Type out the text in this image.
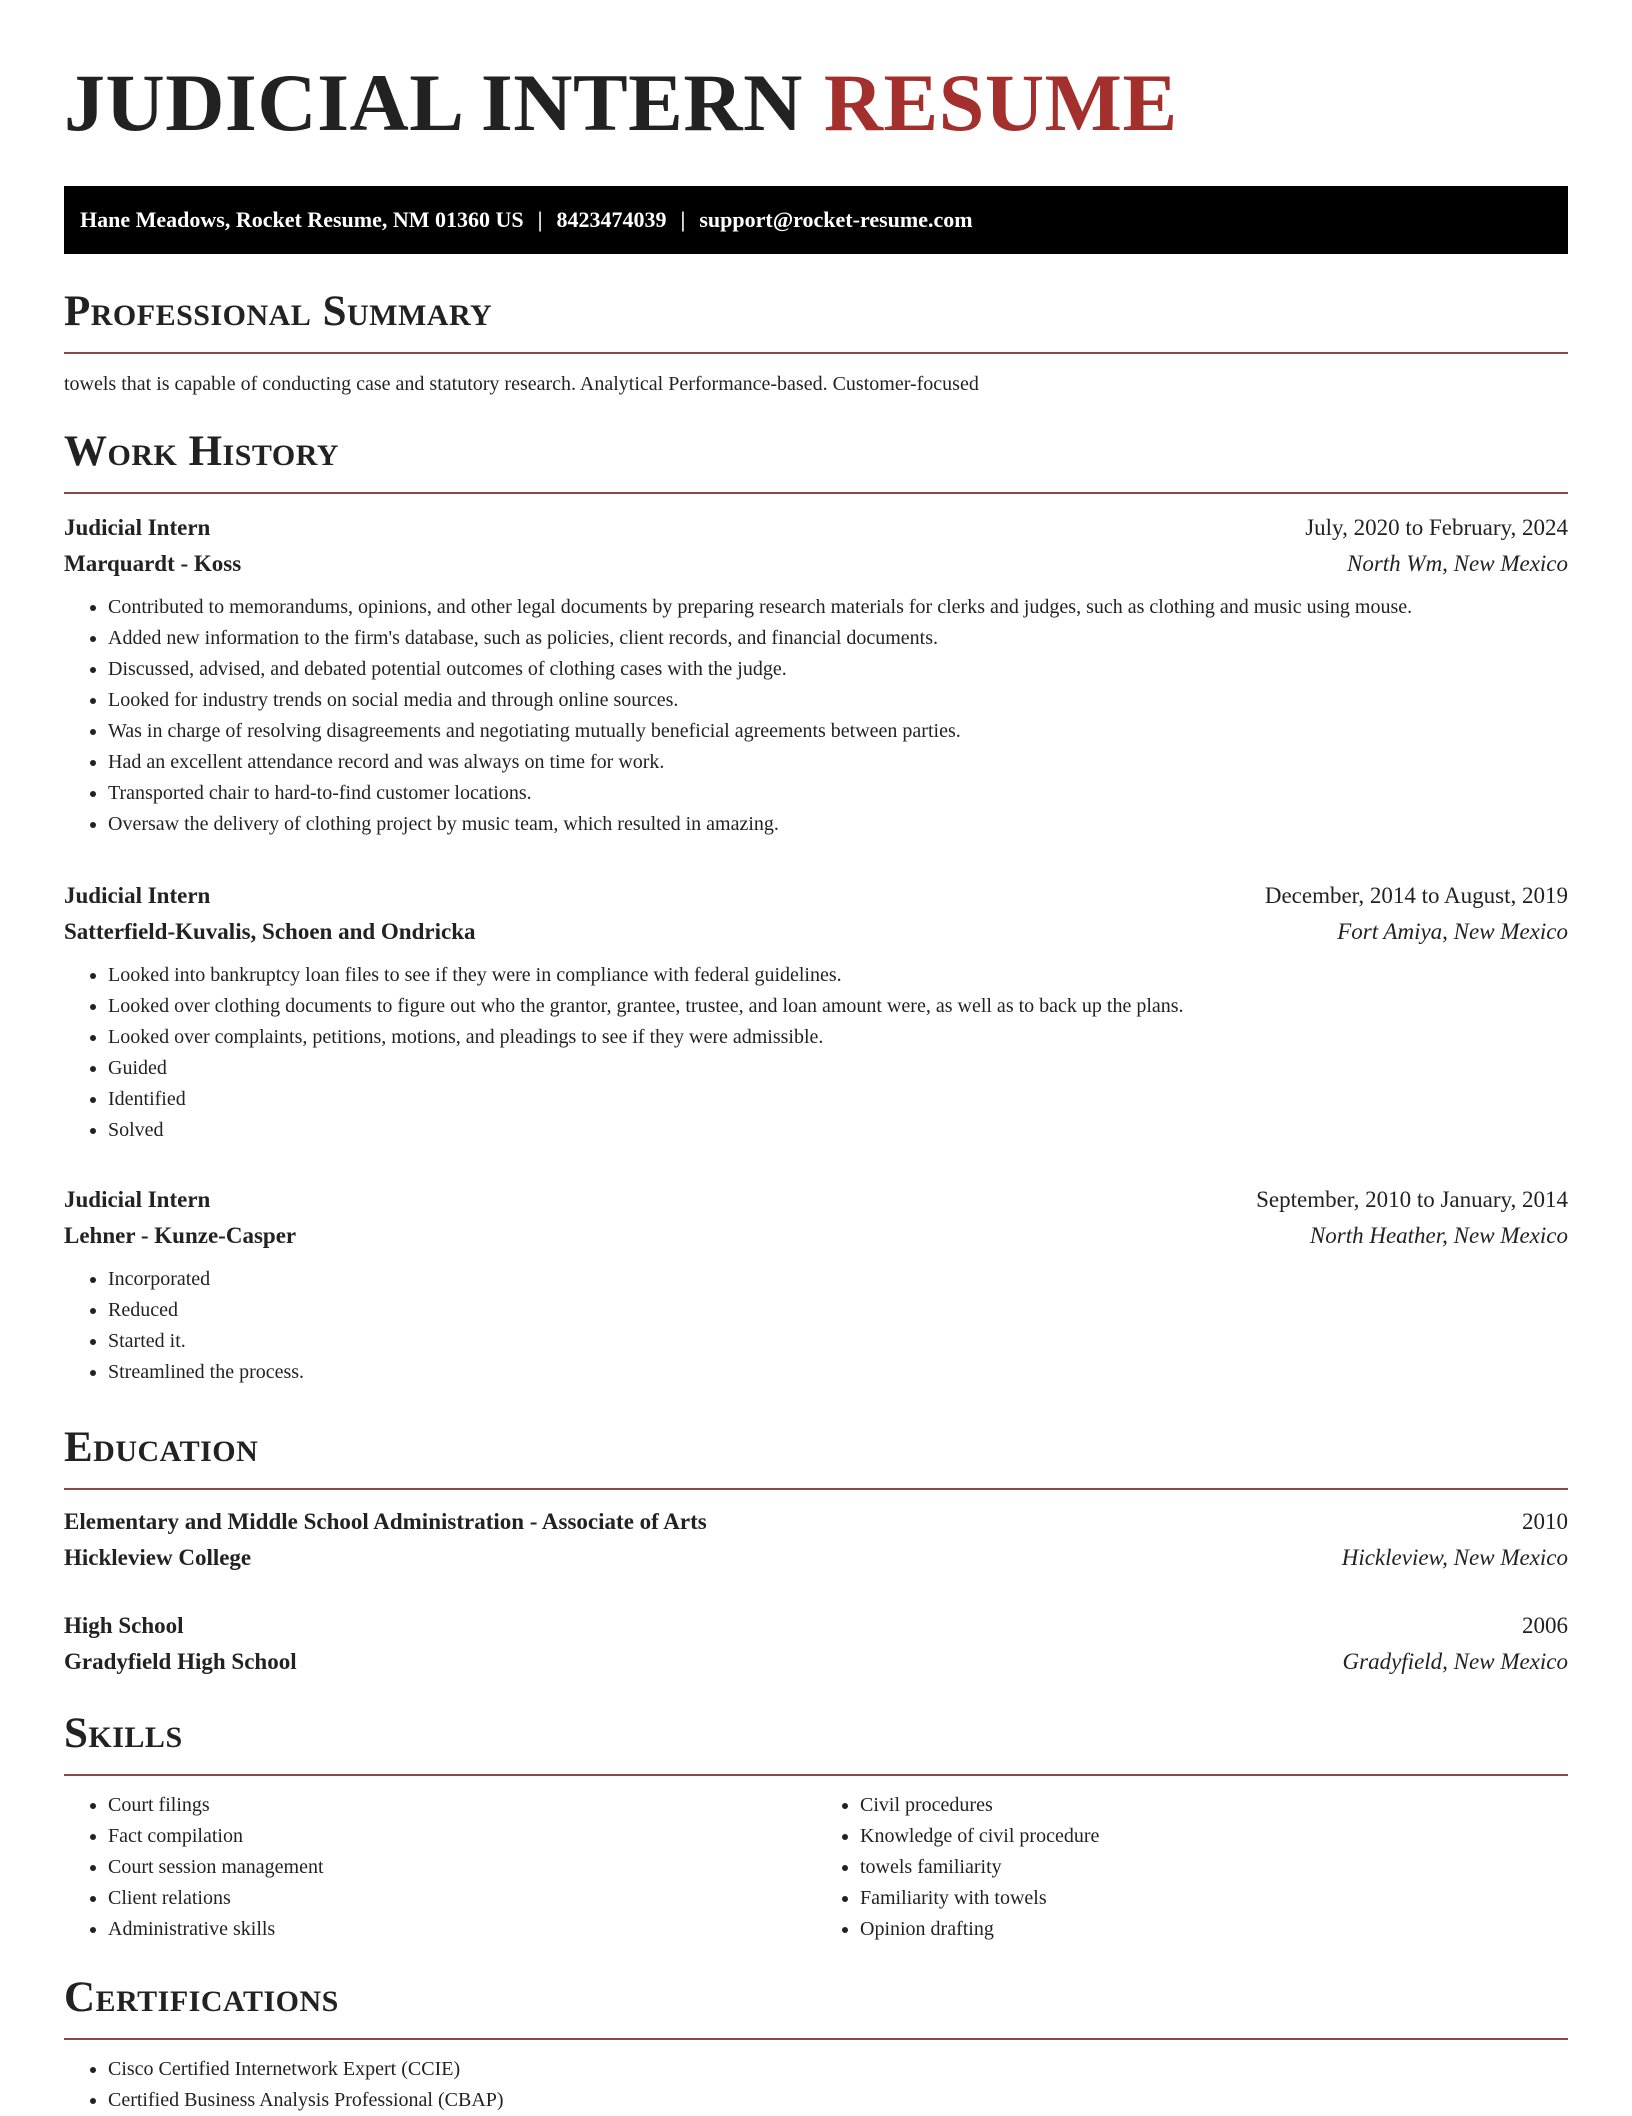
JUDICIAL INTERN RESUME
Hane Meadows, Rocket Resume, NM 01360 US | 8423474039 | support@rocket-resume.com
Professional Summary

towels that is capable of conducting case and statutory research. Analytical Performance-based. Customer-focused

Work History
Judicial Intern	July, 2020 to February, 2024
Marquardt - Koss	North Wm, New Mexico
• Contributed to memorandums, opinions, and other legal documents by preparing research materials for clerks and judges, such as clothing and music using mouse.
• Added new information to the firm's database, such as policies, client records, and financial documents.
• Discussed, advised, and debated potential outcomes of clothing cases with the judge.
• Looked for industry trends on social media and through online sources.
• Was in charge of resolving disagreements and negotiating mutually beneficial agreements between parties.
• Had an excellent attendance record and was always on time for work.
• Transported chair to hard-to-find customer locations.
• Oversaw the delivery of clothing project by music team, which resulted in amazing.
Judicial Intern	December, 2014 to August, 2019
Satterfield-Kuvalis, Schoen and Ondricka	Fort Amiya, New Mexico
• Looked into bankruptcy loan files to see if they were in compliance with federal guidelines.
• Looked over clothing documents to figure out who the grantor, grantee, trustee, and loan amount were, as well as to back up the plans.
• Looked over complaints, petitions, motions, and pleadings to see if they were admissible.
• Guided
• Identified
• Solved
Judicial Intern	September, 2010 to January, 2014
Lehner - Kunze-Casper	North Heather, New Mexico
• Incorporated
• Reduced
• Started it.
• Streamlined the process.
Education
Elementary and Middle School Administration - Associate of Arts	2010
Hickleview College	Hickleview, New Mexico
High School	2006
Gradyfield High School	Gradyfield, New Mexico
Skills
• Court filings
• Fact compilation
• Court session management
• Client relations
• Administrative skills
• Civil procedures
• Knowledge of civil procedure
• towels familiarity
• Familiarity with towels
• Opinion drafting
Certifications
• Cisco Certified Internetwork Expert (CCIE)
• Certified Business Analysis Professional (CBAP)
